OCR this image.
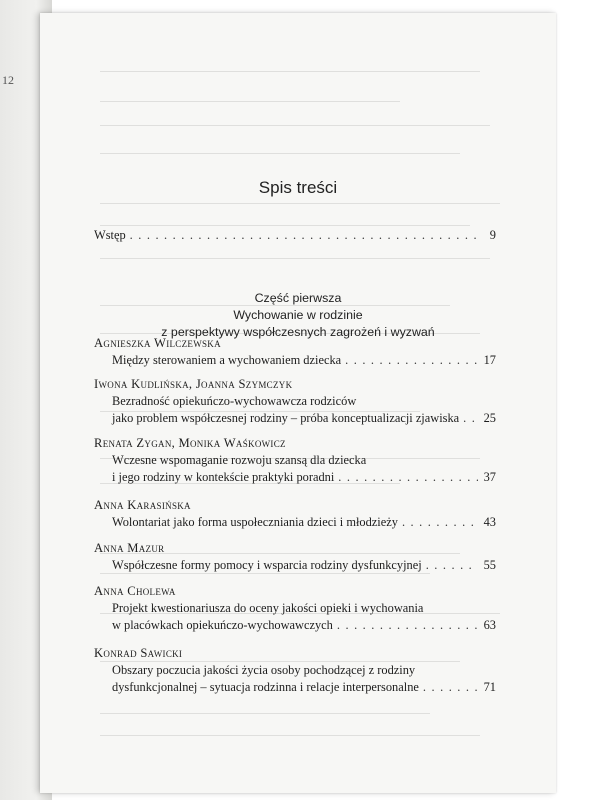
12
Spis treści
Wstęp . . .	9
Część pierwsza
Wychowanie w rodzinie
z perspektywy współczesnych zagrożeń i wyzwań
Agnieszka Wilczewska
Między sterowaniem a wychowaniem dziecka . . .	17
Iwona Kudlińska, Joanna Szymczyk
Bezradność opiekuńczo-wychowawcza rodziców
jako problem współczesnej rodziny – próba konceptualizacji zjawiska . . . 25
Renata Zygan, Monika Waśkowicz
Wczesne wspomaganie rozwoju szansą dla dziecka
i jego rodziny w kontekście praktyki poradni . . .	37
Anna Karasińska
Wolontariat jako forma uspołeczniania dzieci i młodzieży . . .	43
Anna Mazur
Współczesne formy pomocy i wsparcia rodziny dysfunkcyjnej . . .	55
Anna Cholewa
Projekt kwestionariusza do oceny jakości opieki i wychowania
w placówkach opiekuńczo-wychowawczych . . .	63
Konrad Sawicki
Obszary poczucia jakości życia osoby pochodzącej z rodziny
dysfunkcjonalnej – sytuacja rodzinna i relacje interpersonalne . . .	71
